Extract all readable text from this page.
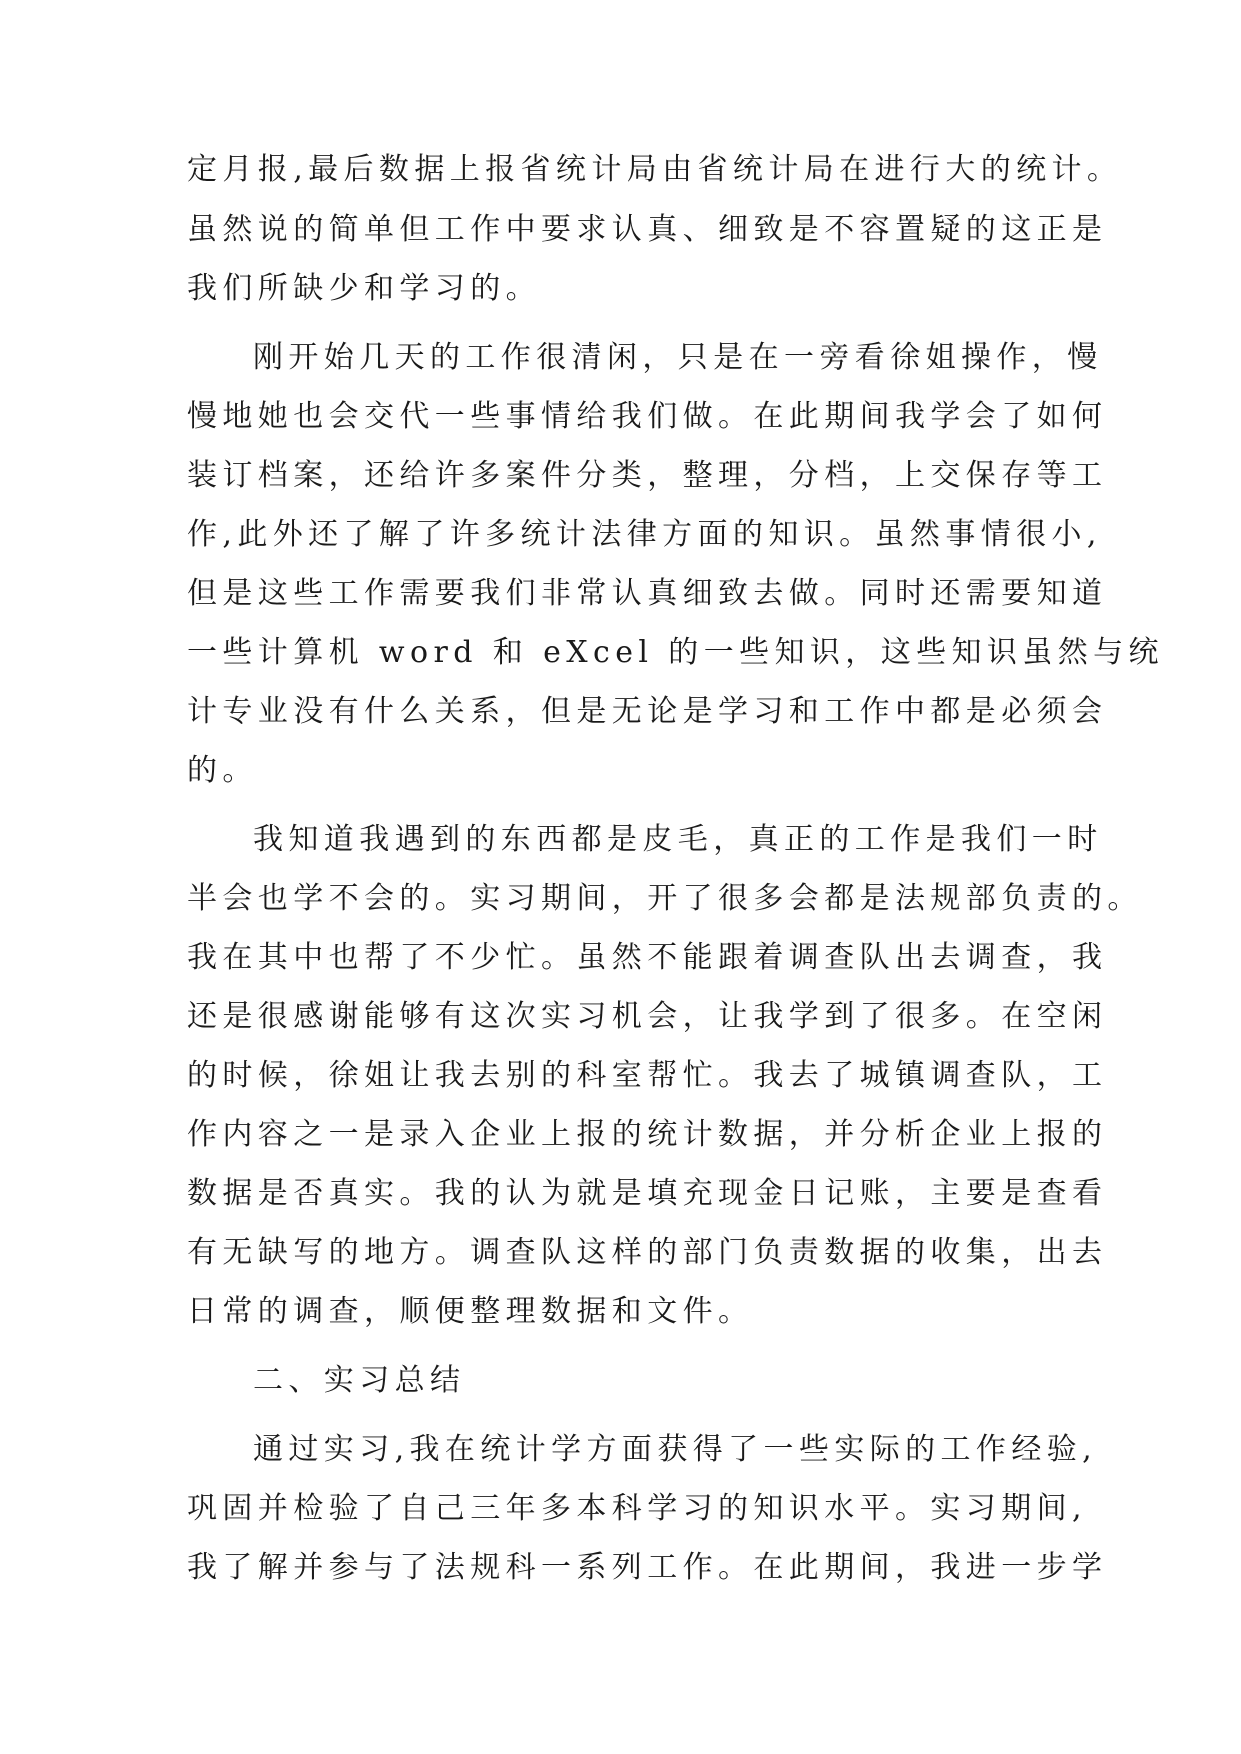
定月报,最后数据上报省统计局由省统计局在进行大的统计。
虽然说的简单但工作中要求认真、细致是不容置疑的这正是
我们所缺少和学习的。
刚开始几天的工作很清闲，只是在一旁看徐姐操作，慢
慢地她也会交代一些事情给我们做。在此期间我学会了如何
装订档案，还给许多案件分类，整理，分档，上交保存等工
作,此外还了解了许多统计法律方面的知识。虽然事情很小,
但是这些工作需要我们非常认真细致去做。同时还需要知道
一些计算机 word 和 eXcel 的一些知识，这些知识虽然与统
计专业没有什么关系，但是无论是学习和工作中都是必须会
的。
我知道我遇到的东西都是皮毛，真正的工作是我们一时
半会也学不会的。实习期间，开了很多会都是法规部负责的。
我在其中也帮了不少忙。虽然不能跟着调查队出去调查，我
还是很感谢能够有这次实习机会，让我学到了很多。在空闲
的时候，徐姐让我去别的科室帮忙。我去了城镇调查队，工
作内容之一是录入企业上报的统计数据，并分析企业上报的
数据是否真实。我的认为就是填充现金日记账，主要是查看
有无缺写的地方。调查队这样的部门负责数据的收集，出去
日常的调查，顺便整理数据和文件。
二、实习总结
通过实习,我在统计学方面获得了一些实际的工作经验,
巩固并检验了自己三年多本科学习的知识水平。实习期间,
我了解并参与了法规科一系列工作。在此期间，我进一步学
